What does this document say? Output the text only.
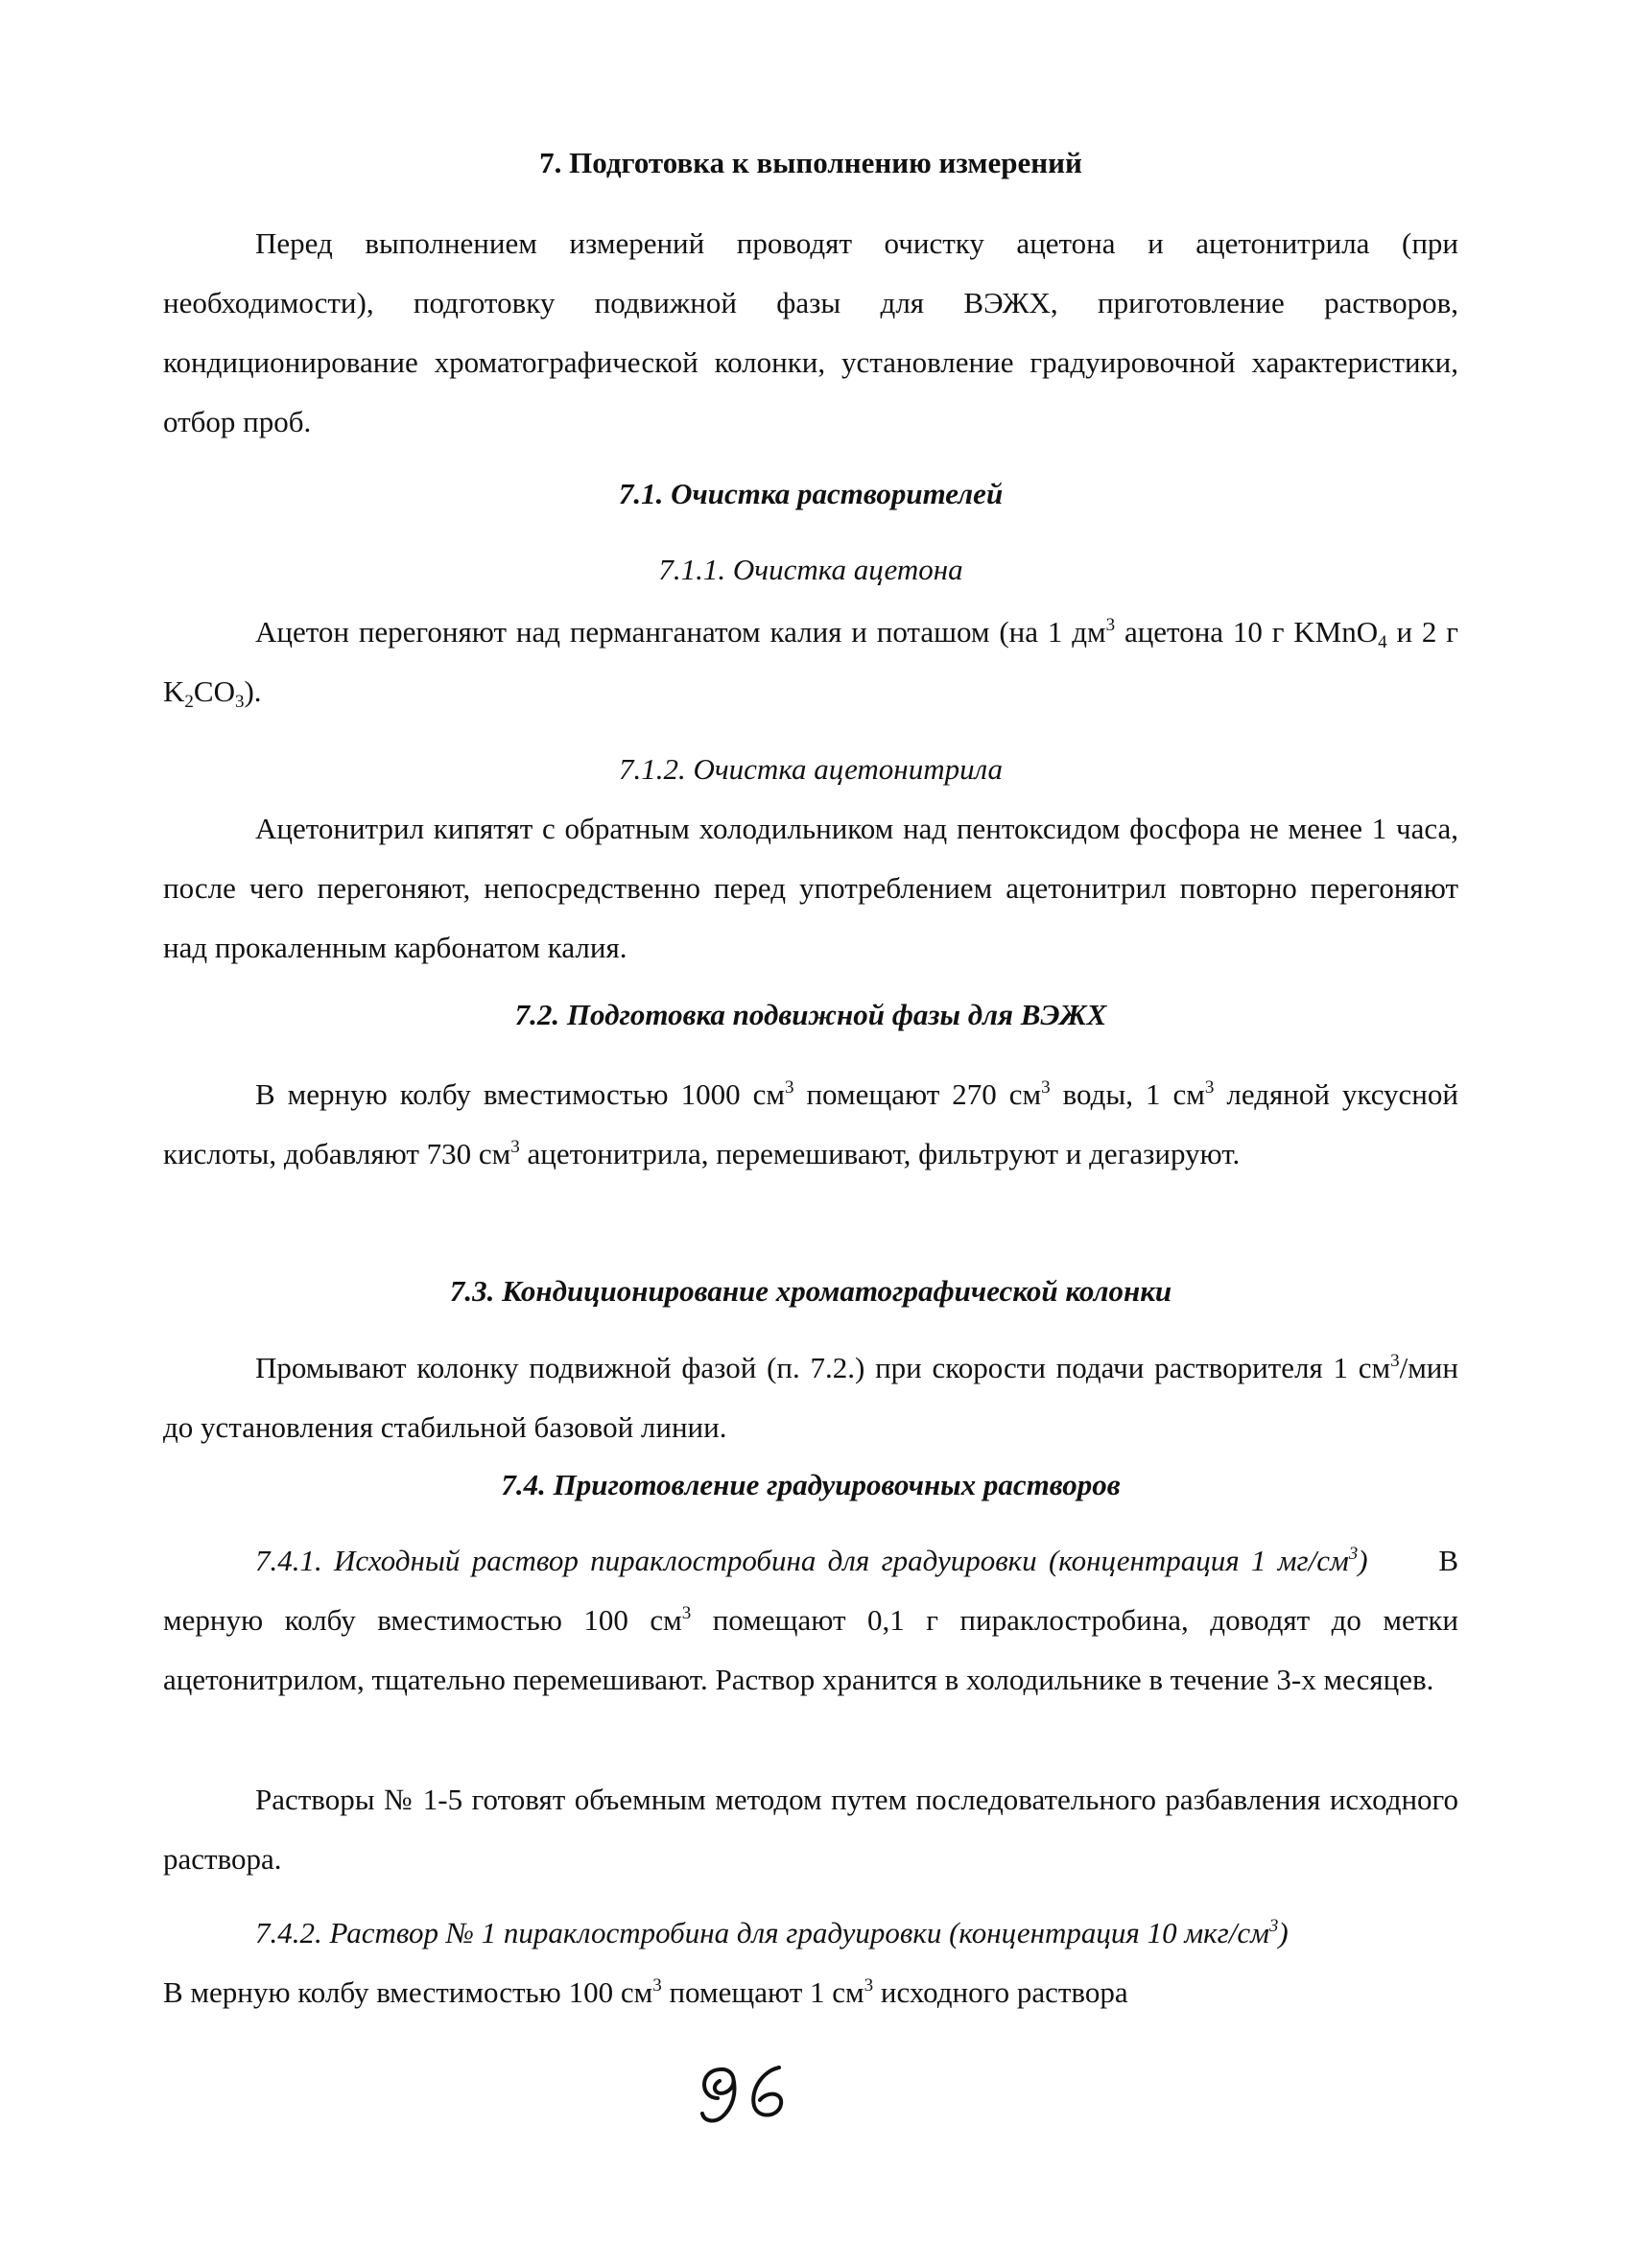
7. Подготовка к выполнению измерений

Перед выполнением измерений проводят очистку ацетона и ацетонитрила (при необходимости), подготовку подвижной фазы для ВЭЖХ, приготовление растворов, кондиционирование хроматографической колонки, установление градуировочной характеристики, отбор проб.

7.1. Очистка растворителей
7.1.1. Очистка ацетона

Ацетон перегоняют над перманганатом калия и поташом (на 1 $дм^3$ ацетона 10 г KMnO$_4$ и 2 г $K_2CO_3$).

7.1.2. Очистка ацетонитрила

Ацетонитрил кипятят с обратным холодильником над пентоксидом фосфора не менее 1 часа, после чего перегоняют, непосредственно перед употреблением ацетонитрил повторно перегоняют над прокаленным карбонатом калия.

7.2. Подготовка подвижной фазы для ВЭЖХ

В мерную колбу вместимостью 1000 $см^3$ помещают 270 $см^3$ воды, 1 $см^3$ ледяной уксусной кислоты, добавляют 730 $см^3$ ацетонитрила, перемешивают, фильтруют и дегазируют.

7.3. Кондиционирование хроматографической колонки

Промывают колонку подвижной фазой (п. 7.2.) при скорости подачи растворителя 1 $см^3$/мин до установления стабильной базовой линии.

7.4. Приготовление градуировочных растворов

7.4.1. Исходный раствор пираклостробина для градуировки (концентрация 1 $мг/см^3$) В мерную колбу вместимостью 100 $см^3$ помещают 0,1 г пираклостробина, доводят до метки ацетонитрилом, тщательно перемешивают. Раствор хранится в холодильнике в течение 3-х месяцев.

Растворы № 1-5 готовят объемным методом путем последовательного разбавления исходного раствора.

7.4.2. Раствор № 1 пираклостробина для градуировки (концентрация 10 мкг/$см^3$)
В мерную колбу вместимостью 100 $см^3$ помещают 1 $см^3$ исходного раствора
